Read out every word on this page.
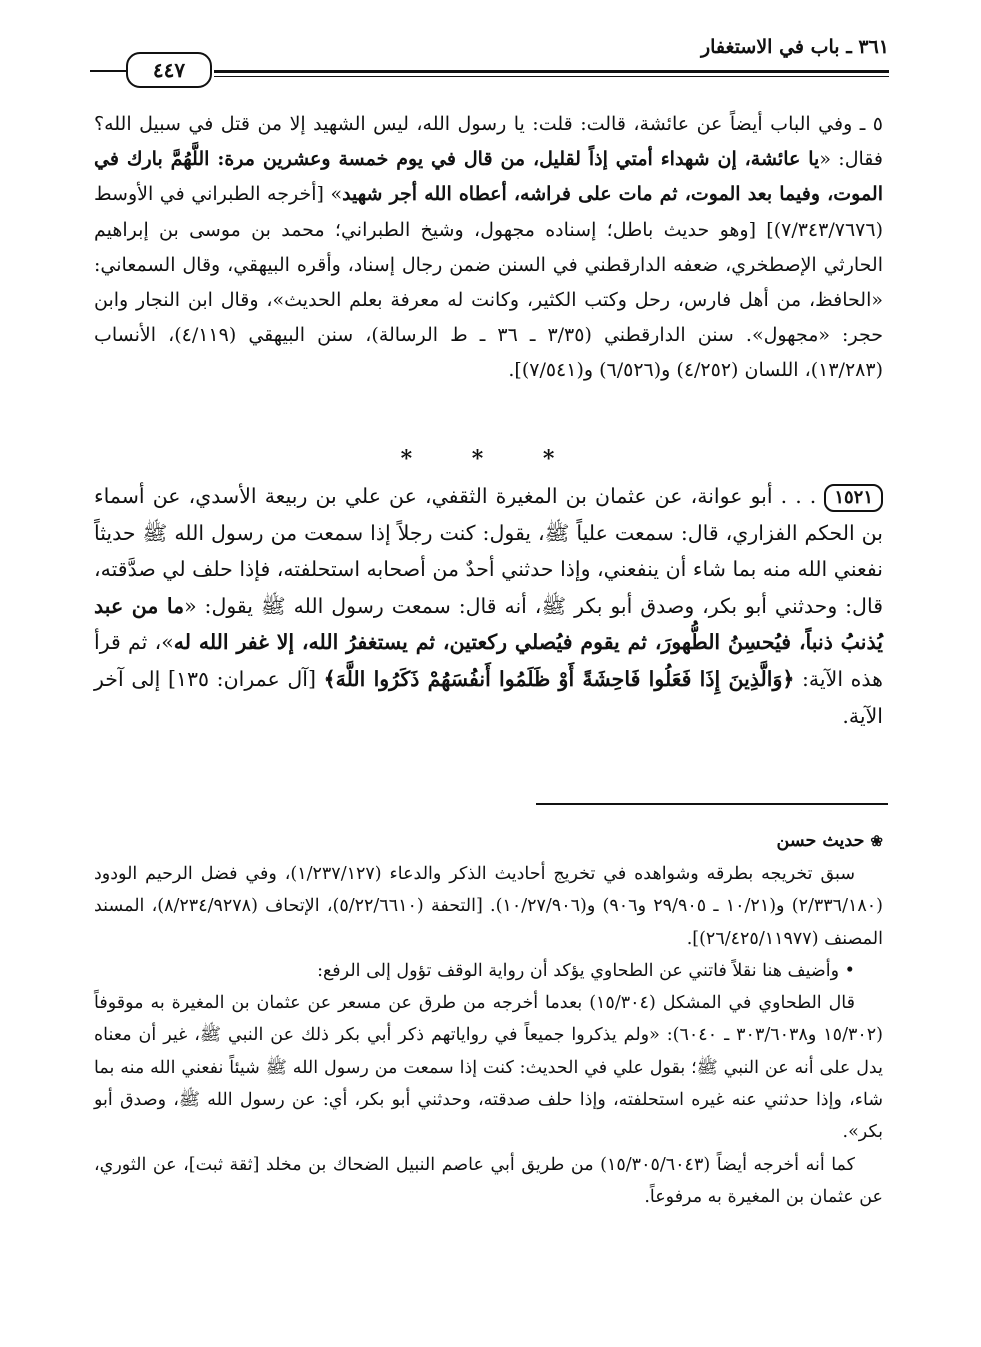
٣٦١ ـ باب في الاستغفار
٤٤٧
٥ ـ وفي الباب أيضاً عن عائشة، قالت: قلت: يا رسول الله، ليس الشهيد إلا من قتل في سبيل الله؟ فقال: «يا عائشة، إن شهداء أمتي إذاً لقليل، من قال في يوم خمسة وعشرين مرة: اللَّهُمَّ بارك في الموت، وفيما بعد الموت، ثم مات على فراشه، أعطاه الله أجر شهيد» [أخرجه الطبراني في الأوسط (٧/٣٤٣/٧٦٧٦)] [وهو حديث باطل؛ إسناده مجهول، وشيخ الطبراني؛ محمد بن موسى بن إبراهيم الحارثي الإصطخري، ضعفه الدارقطني في السنن ضمن رجال إسناد، وأقره البيهقي، وقال السمعاني: «الحافظ، من أهل فارس، رحل وكتب الكثير، وكانت له معرفة بعلم الحديث»، وقال ابن النجار وابن حجر: «مجهول». سنن الدارقطني (٣/٣٥ ـ ٣٦ ـ ط الرسالة)، سنن البيهقي (٤/١١٩)، الأنساب (١٣/٢٨٣)، اللسان (٤/٢٥٢) و(٦/٥٢٦) و(٧/٥٤١)].
* * *
١٥٢١. . . أبو عوانة، عن عثمان بن المغيرة الثقفي، عن علي بن ربيعة الأسدي، عن أسماء بن الحكم الفزاري، قال: سمعت علياً ﷺ، يقول: كنت رجلاً إذا سمعت من رسول الله ﷺ حديثاً نفعني الله منه بما شاء أن ينفعني، وإذا حدثني أحدٌ من أصحابه استحلفته، فإذا حلف لي صدَّقته، قال: وحدثني أبو بكر، وصدق أبو بكر ﷺ، أنه قال: سمعت رسول الله ﷺ يقول: «ما من عبد يُذنبُ ذنباً، فيُحسِنُ الطُّهورَ، ثم يقوم فيُصلي ركعتين، ثم يستغفرُ الله، إلا غفر الله له»، ثم قرأ هذه الآية: ﴿وَالَّذِينَ إِذَا فَعَلُوا فَاحِشَةً أَوْ ظَلَمُوا أَنفُسَهُمْ ذَكَرُوا اللَّهَ﴾ [آل عمران: ١٣٥] إلى آخر الآية.
❀حديث حسن

سبق تخريجه بطرقه وشواهده في تخريج أحاديث الذكر والدعاء (١/٢٣٧/١٢٧)، وفي فضل الرحيم الودود (٢/٣٣٦/١٨٠) و(١٠/٢١ ـ ٢٩/٩٠٥ و٩٠٦) و(١٠/٢٧/٩٠٦). [التحفة (٥/٢٢/٦٦١٠)، الإتحاف (٨/٢٣٤/٩٢٧٨)، المسند المصنف (٢٦/٤٢٥/١١٩٧٧)].

• وأضيف هنا نقلاً فاتني عن الطحاوي يؤكد أن رواية الوقف تؤول إلى الرفع:

قال الطحاوي في المشكل (١٥/٣٠٤) بعدما أخرجه من طرق عن مسعر عن عثمان بن المغيرة به موقوفاً (١٥/٣٠٢ و٣٠٣/٦٠٣٨ ـ ٦٠٤٠): «ولم يذكروا جميعاً في رواياتهم ذكر أبي بكر ذلك عن النبي ﷺ، غير أن معناه يدل على أنه عن النبي ﷺ؛ بقول علي في الحديث: كنت إذا سمعت من رسول الله ﷺ شيئاً نفعني الله منه بما شاء، وإذا حدثني عنه غيره استحلفته، وإذا حلف صدقته، وحدثني أبو بكر، أي: عن رسول الله ﷺ، وصدق أبو بكر».

كما أنه أخرجه أيضاً (١٥/٣٠٥/٦٠٤٣) من طريق أبي عاصم النبيل الضحاك بن مخلد [ثقة ثبت]، عن الثوري، عن عثمان بن المغيرة به مرفوعاً.
